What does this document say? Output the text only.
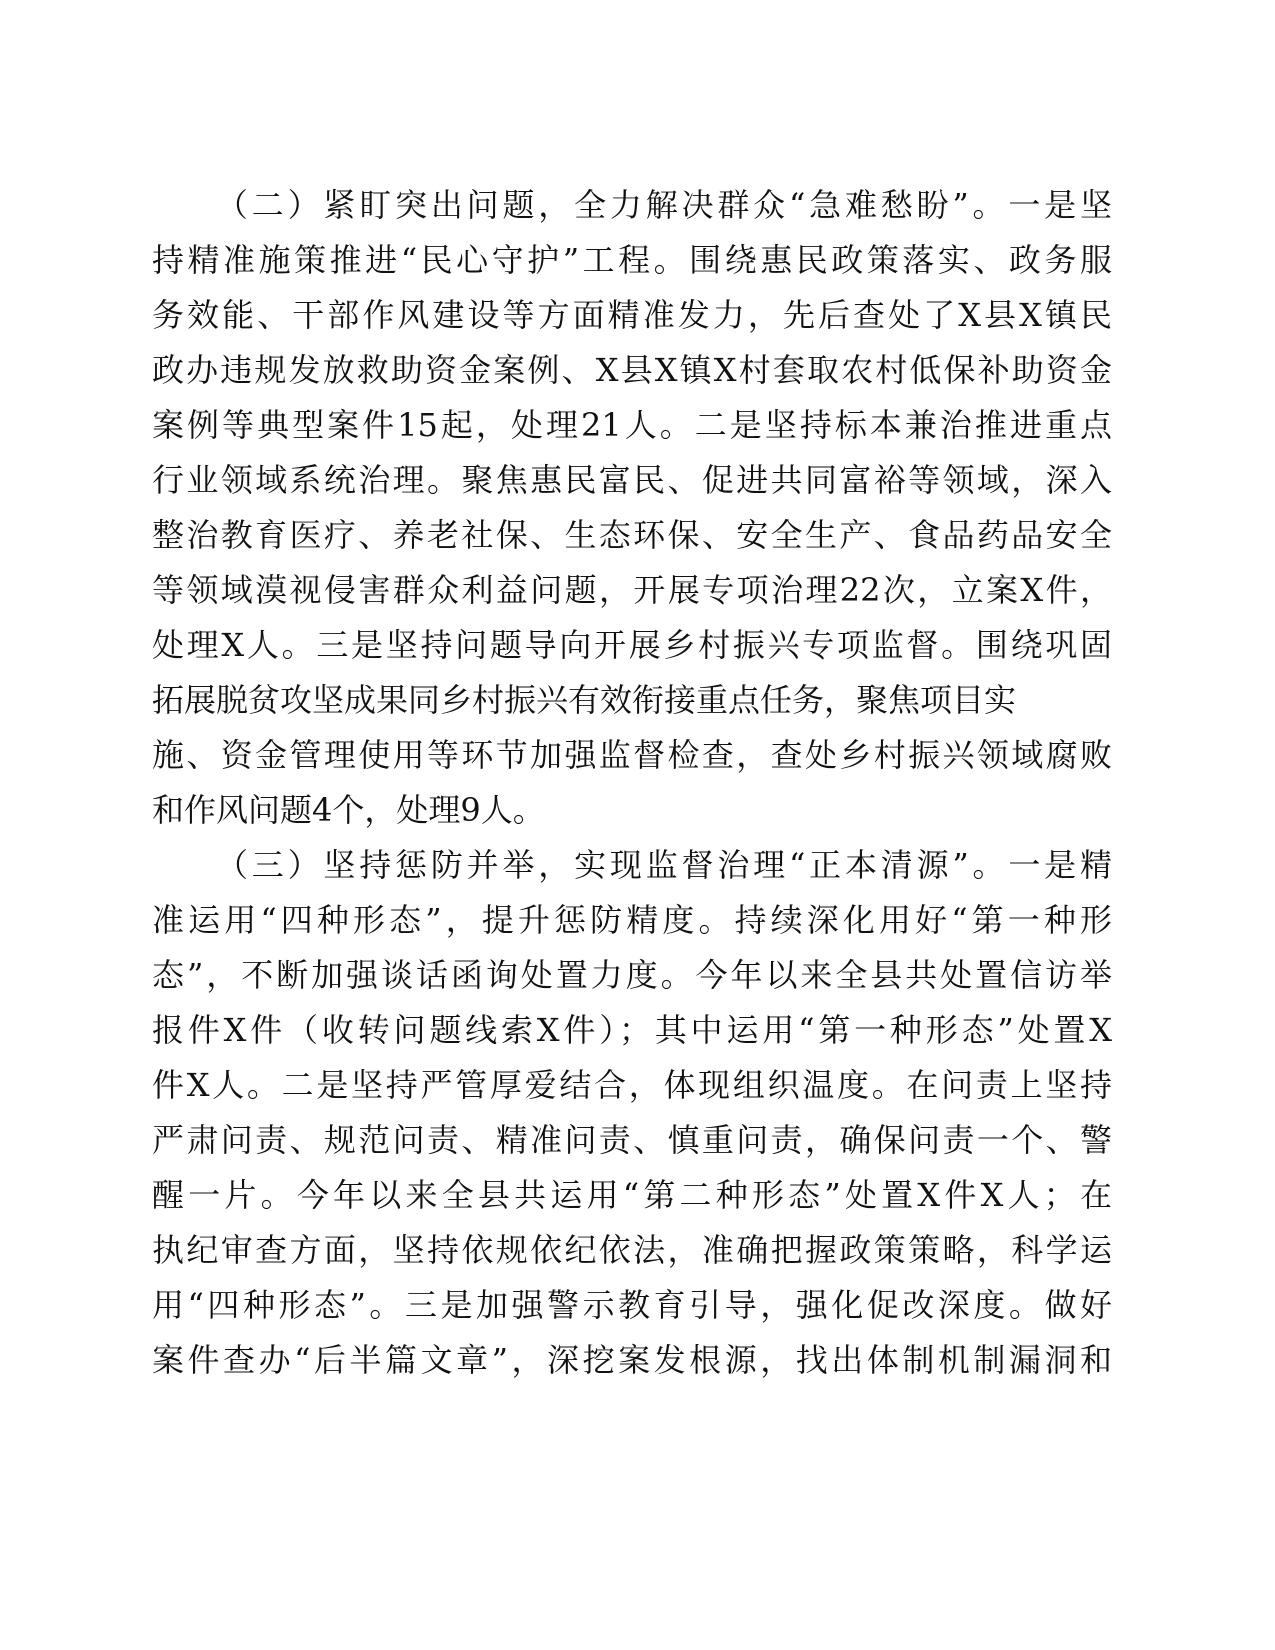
（二）紧盯突出问题，全力解决群众“急难愁盼”。一是坚
持精准施策推进“民心守护”工程。围绕惠民政策落实、政务服
务效能、干部作风建设等方面精准发力，先后查处了X县X镇民
政办违规发放救助资金案例、X县X镇X村套取农村低保补助资金
案例等典型案件15起，处理21人。二是坚持标本兼治推进重点
行业领域系统治理。聚焦惠民富民、促进共同富裕等领域，深入
整治教育医疗、养老社保、生态环保、安全生产、食品药品安全
等领域漠视侵害群众利益问题，开展专项治理22次，立案X件，
处理X人。三是坚持问题导向开展乡村振兴专项监督。围绕巩固
拓展脱贫攻坚成果同乡村振兴有效衔接重点任务，聚焦项目实
施、资金管理使用等环节加强监督检查，查处乡村振兴领域腐败
和作风问题4个，处理9人。
（三）坚持惩防并举，实现监督治理“正本清源”。一是精
准运用“四种形态”，提升惩防精度。持续深化用好“第一种形
态”，不断加强谈话函询处置力度。今年以来全县共处置信访举
报件X件（收转问题线索X件）；其中运用“第一种形态”处置X
件X人。二是坚持严管厚爱结合，体现组织温度。在问责上坚持
严肃问责、规范问责、精准问责、慎重问责，确保问责一个、警
醒一片。今年以来全县共运用“第二种形态”处置X件X人；在
执纪审查方面，坚持依规依纪依法，准确把握政策策略，科学运
用“四种形态”。三是加强警示教育引导，强化促改深度。做好
案件查办“后半篇文章”，深挖案发根源，找出体制机制漏洞和
